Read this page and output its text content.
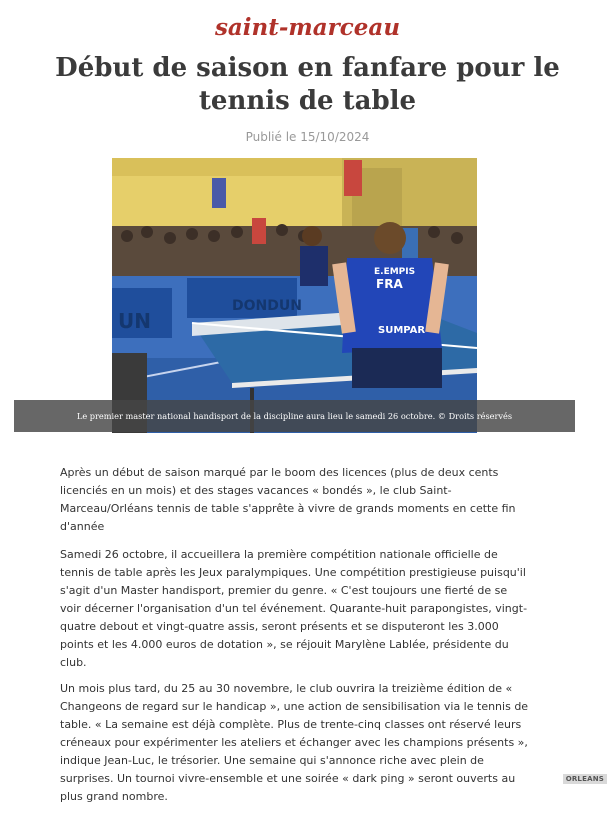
saint-marceau
Début de saison en fanfare pour le tennis de table
Publié le 15/10/2024
UN
DONDUN
E.EMPIS
FRA
SUMPAR
Le premier master national handisport de la discipline aura lieu le samedi 26 octobre. © Droits réservés

Après un début de saison marqué par le boom des licences (plus de deux cents licenciés en un mois) et des stages vacances « bondés », le club Saint-Marceau/Orléans tennis de table s'apprête à vivre de grands moments en cette fin d'année

Samedi 26 octobre, il accueillera la première compétition nationale officielle de tennis de table après les Jeux paralympiques. Une compétition prestigieuse puisqu'il s'agit d'un Master handisport, premier du genre. « C'est toujours une fierté de se voir décerner l'organisation d'un tel événement. Quarante-huit parapongistes, vingt-quatre debout et vingt-quatre assis, seront présents et se disputeront les 3.000 points et les 4.000 euros de dotation », se réjouit Marylène Lablée, présidente du club.

Un mois plus tard, du 25 au 30 novembre, le club ouvrira la treizième édition de « Changeons de regard sur le handicap », une action de sensibilisation via le tennis de table. « La semaine est déjà complète. Plus de trente-cinq classes ont réservé leurs créneaux pour expérimenter les ateliers et échanger avec les champions présents », indique Jean-Luc, le trésorier. Une semaine qui s'annonce riche avec plein de surprises. Un tournoi vivre-ensemble et une soirée « dark ping » seront ouverts au plus grand nombre.

ORLEANS
